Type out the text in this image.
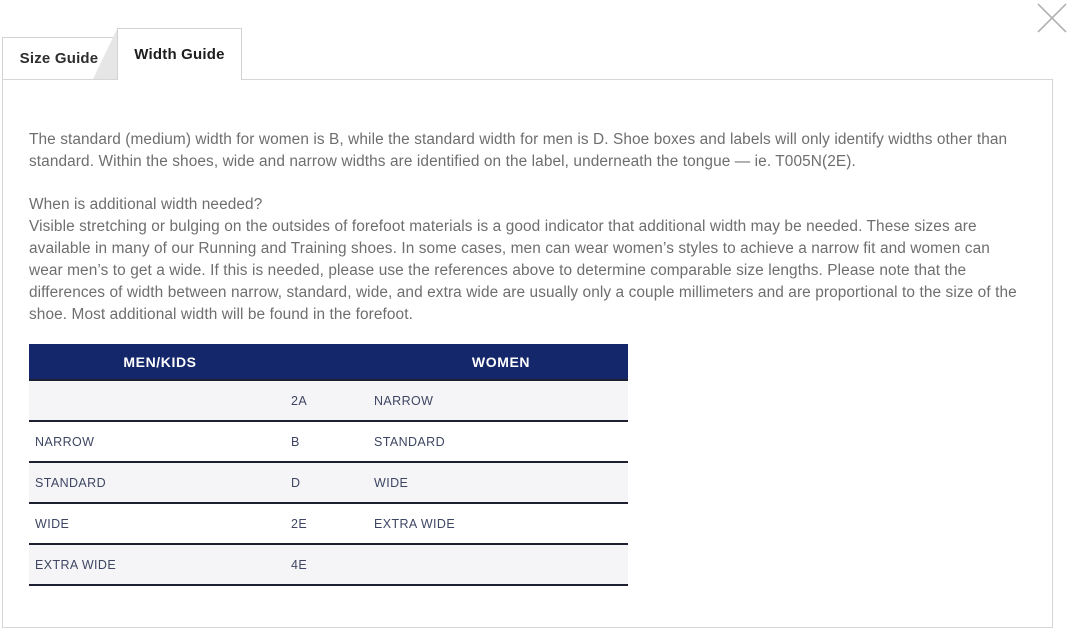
Size Guide Width Guide

The standard (medium) width for women is B, while the standard width for men is D. Shoe boxes and labels will only identify widths other than standard. Within the shoes, wide and narrow widths are identified on the label, underneath the tongue — ie. T005N(2E).

When is additional width needed?
Visible stretching or bulging on the outsides of forefoot materials is a good indicator that additional width may be needed. These sizes are available in many of our Running and Training shoes. In some cases, men can wear women’s styles to achieve a narrow fit and women can wear men’s to get a wide. If this is needed, please use the references above to determine comparable size lengths. Please note that the differences of width between narrow, standard, wide, and extra wide are usually only a couple millimeters and are proportional to the size of the shoe. Most additional width will be found in the forefoot.
MEN/KIDS		WOMEN
	2A	NARROW
NARROW	B	STANDARD
STANDARD	D	WIDE
WIDE	2E	EXTRA WIDE
EXTRA WIDE	4E	
